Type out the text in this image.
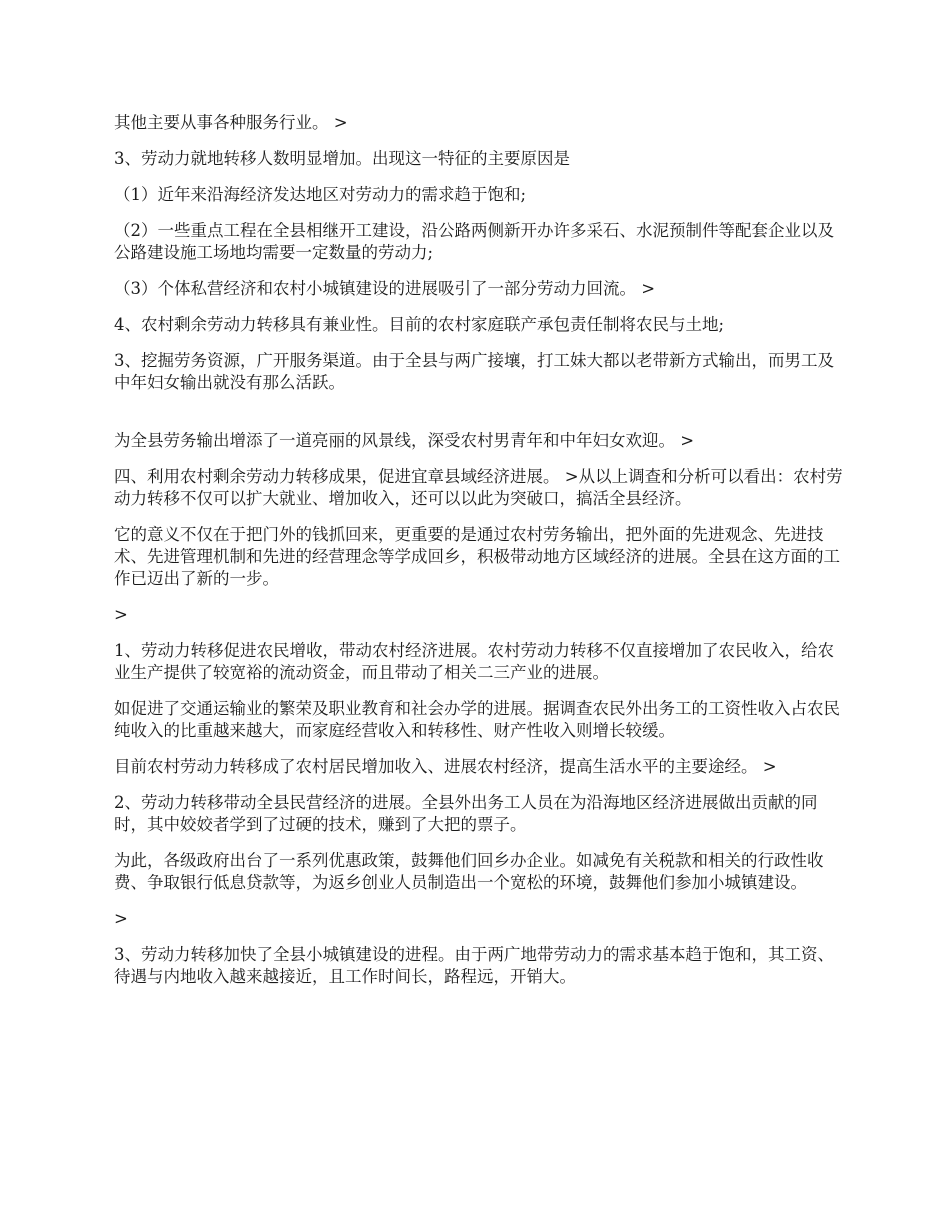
其他主要从事各种服务行业。 >

3、劳动力就地转移人数明显增加。出现这一特征的主要原因是

（1）近年来沿海经济发达地区对劳动力的需求趋于饱和;

（2）一些重点工程在全县相继开工建设，沿公路两侧新开办许多采石、水泥预制件等配套企业以及公路建设施工场地均需要一定数量的劳动力;

（3）个体私营经济和农村小城镇建设的进展吸引了一部分劳动力回流。 >

4、农村剩余劳动力转移具有兼业性。目前的农村家庭联产承包责任制将农民与土地;

3、挖掘劳务资源，广开服务渠道。由于全县与两广接壤，打工妹大都以老带新方式输出，而男工及中年妇女输出就没有那么活跃。

为全县劳务输出增添了一道亮丽的风景线，深受农村男青年和中年妇女欢迎。 >

四、利用农村剩余劳动力转移成果，促进宜章县域经济进展。 >从以上调查和分析可以看出：农村劳动力转移不仅可以扩大就业、增加收入，还可以以此为突破口，搞活全县经济。

它的意义不仅在于把门外的钱抓回来，更重要的是通过农村劳务输出，把外面的先进观念、先进技术、先进管理机制和先进的经营理念等学成回乡，积极带动地方区域经济的进展。全县在这方面的工作已迈出了新的一步。

>

1、劳动力转移促进农民增收，带动农村经济进展。农村劳动力转移不仅直接增加了农民收入，给农业生产提供了较宽裕的流动资金，而且带动了相关二三产业的进展。

如促进了交通运输业的繁荣及职业教育和社会办学的进展。据调查农民外出务工的工资性收入占农民纯收入的比重越来越大，而家庭经营收入和转移性、财产性收入则增长较缓。

目前农村劳动力转移成了农村居民增加收入、进展农村经济，提高生活水平的主要途经。 >

2、劳动力转移带动全县民营经济的进展。全县外出务工人员在为沿海地区经济进展做出贡献的同时，其中姣姣者学到了过硬的技术，赚到了大把的票子。

为此，各级政府出台了一系列优惠政策，鼓舞他们回乡办企业。如减免有关税款和相关的行政性收费、争取银行低息贷款等，为返乡创业人员制造出一个宽松的环境，鼓舞他们参加小城镇建设。

>

3、劳动力转移加快了全县小城镇建设的进程。由于两广地带劳动力的需求基本趋于饱和，其工资、待遇与内地收入越来越接近，且工作时间长，路程远，开销大。
